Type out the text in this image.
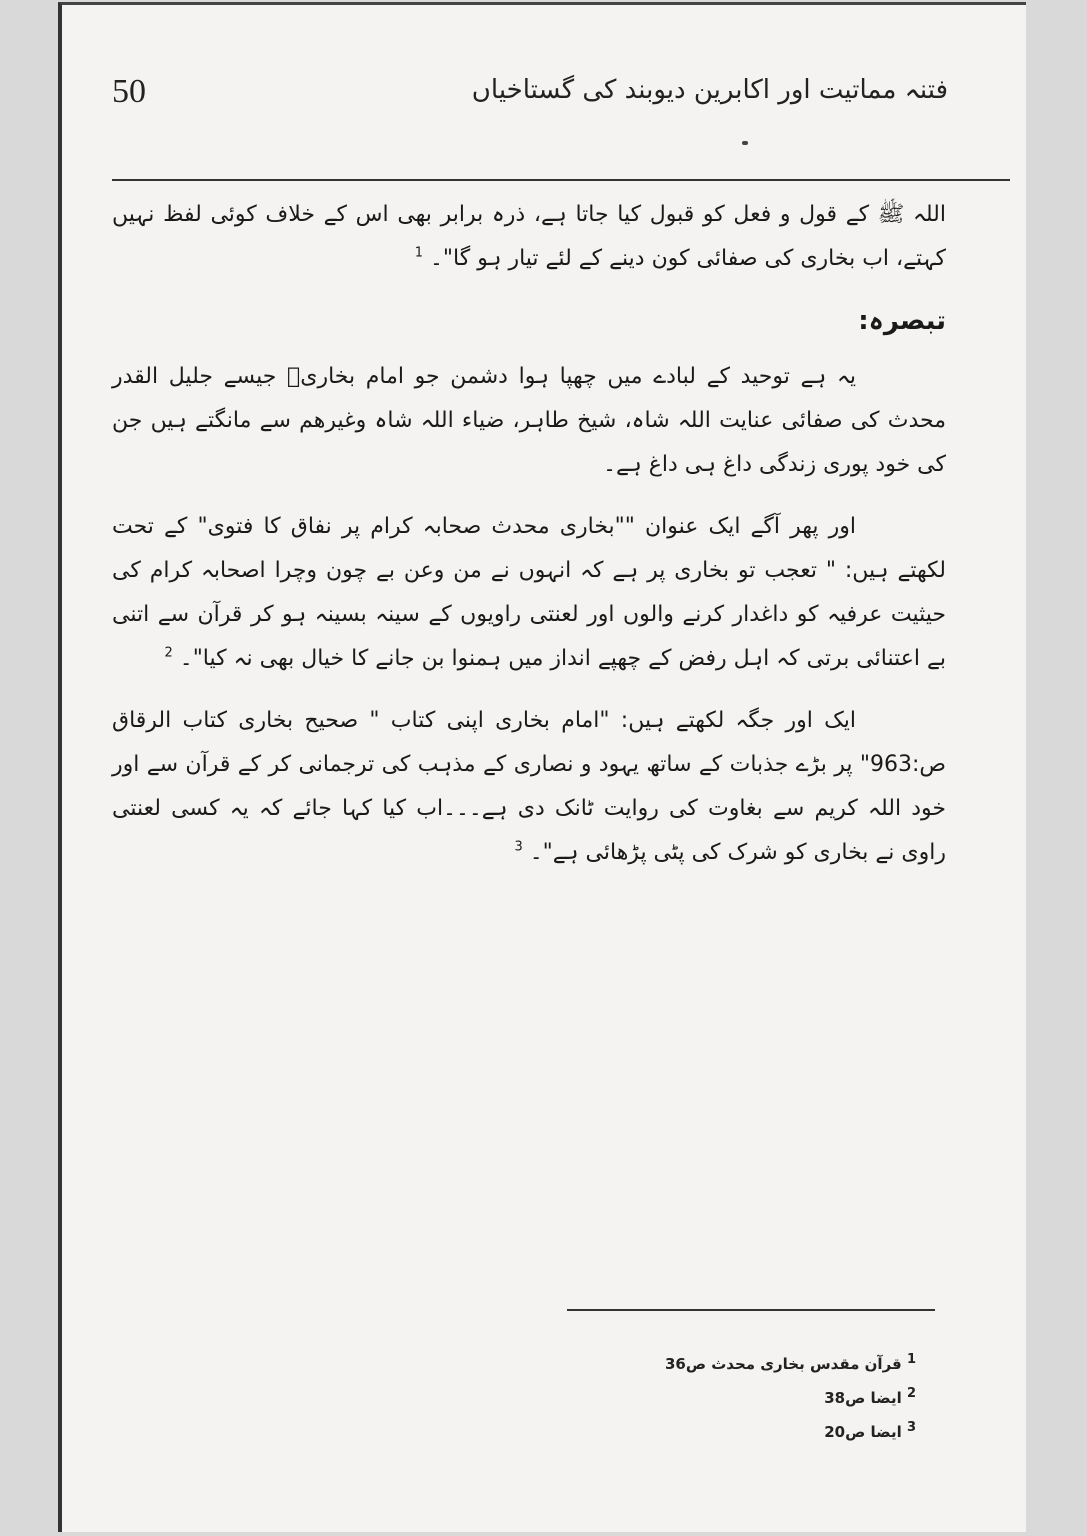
50	فتنہ مماتیت اور اکابرین دیوبند کی گستاخیاں

اللہ ﷺ کے قول و فعل کو قبول کیا جاتا ہے، ذرہ برابر بھی اس کے خلاف کوئی لفظ نہیں کہتے، اب بخاری کی صفائی کون دینے کے لئے تیار ہو گا"۔ $^1$

تبصرہ:

یہ ہے توحید کے لبادے میں چھپا ہوا دشمن جو امام بخاریؒ جیسے جلیل القدر محدث کی صفائی عنایت اللہ شاہ، شیخ طاہر، ضیاء اللہ شاہ وغیرھم سے مانگتے ہیں جن کی خود پوری زندگی داغ ہی داغ ہے۔

اور پھر آگے ایک عنوان ""بخاری محدث صحابہ کرام پر نفاق کا فتوی" کے تحت لکھتے ہیں: " تعجب تو بخاری پر ہے کہ انہوں نے من وعن بے چون وچرا اصحابہ کرام کی حیثیت عرفیہ کو داغدار کرنے والوں اور لعنتی راویوں کے سینہ بسینہ ہو کر قرآن سے اتنی بے اعتنائی برتی کہ اہل رفض کے چھپے انداز میں ہمنوا بن جانے کا خیال بھی نہ کیا"۔ $^2$

ایک اور جگہ لکھتے ہیں: "امام بخاری اپنی کتاب " صحیح بخاری کتاب الرقاق ص:963" پر بڑے جذبات کے ساتھ یہود و نصاری کے مذہب کی ترجمانی کر کے قرآن سے اور خود اللہ کریم سے بغاوت کی روایت ٹانک دی ہے۔۔۔اب کیا کہا جائے کہ یہ کسی لعنتی راوی نے بخاری کو شرک کی پٹی پڑھائی ہے"۔ $^3$

$^1$ قرآن مقدس بخاری محدث ص36
$^2$ ایضا ص38
$^3$ ایضا ص20
